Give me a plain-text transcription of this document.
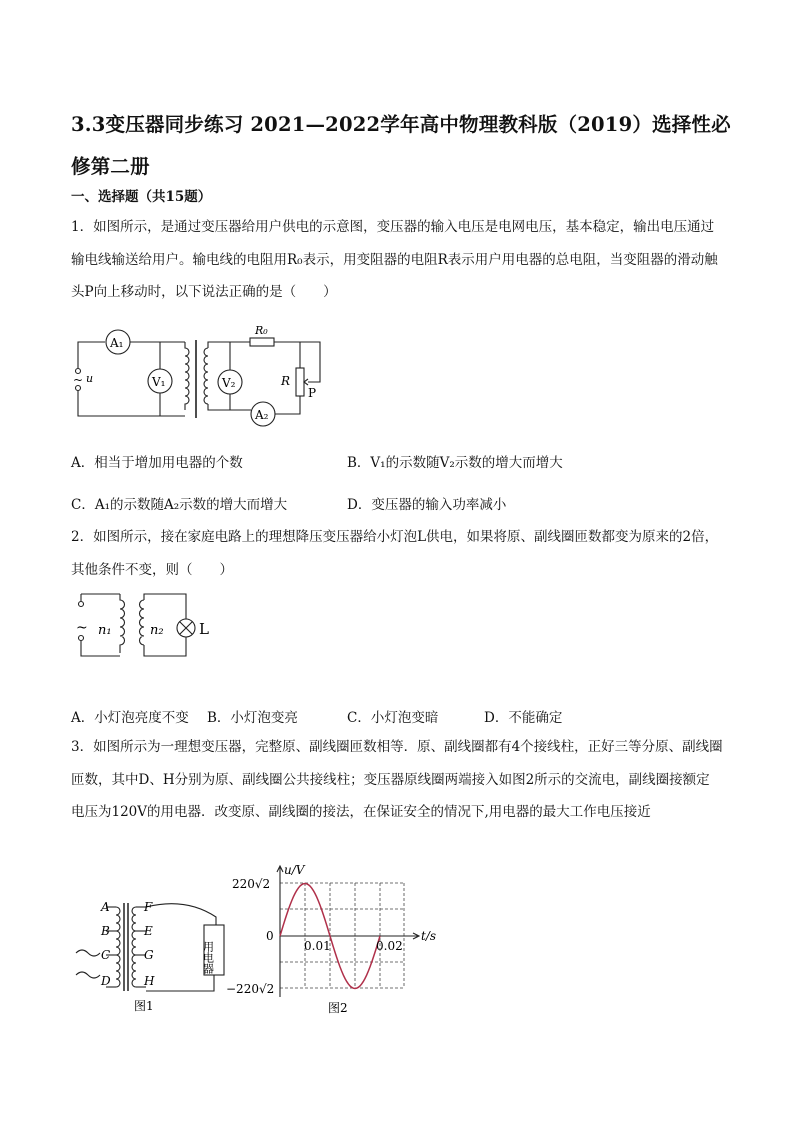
3.3变压器同步练习 2021—2022学年高中物理教科版（2019）选择性必修第二册
一、选择题（共15题）
1．如图所示，是通过变压器给用户供电的示意图，变压器的输入电压是电网电压，基本稳定，输出电压通过输电线输送给用户。输电线的电阻用R₀表示，用变阻器的电阻R表示用户用电器的总电阻，当变阻器的滑动触头P向上移动时，以下说法正确的是（　　）
A₁
V₁	V₂
A₂
R₀
R
P
~ u
A．相当于增加用电器的个数	B．V₁的示数随V₂示数的增大而增大
C．A₁的示数随A₂示数的增大而增大	D．变压器的输入功率减小
2．如图所示，接在家庭电路上的理想降压变压器给小灯泡L供电，如果将原、副线圈匝数都变为原来的2倍，其他条件不变，则（　　）
~ n₁	n₂ L
A．小灯泡亮度不变 B．小灯泡变亮	C．小灯泡变暗	D．不能确定
3．如图所示为一理想变压器，完整原、副线圈匝数相等．原、副线圈都有4个接线柱，正好三等分原、副线圈匝数，其中D、H分别为原、副线圈公共接线柱；变压器原线圈两端接入如图2所示的交流电，副线圈接额定电压为120V的用电器．改变原、副线圈的接法，在保证安全的情况下,用电器的最大工作电压接近
A
B
C
D
F
E
G
H
用电器
图1
u/V
t/s
220√2
−220√2
0
0.01	0.02
图2
